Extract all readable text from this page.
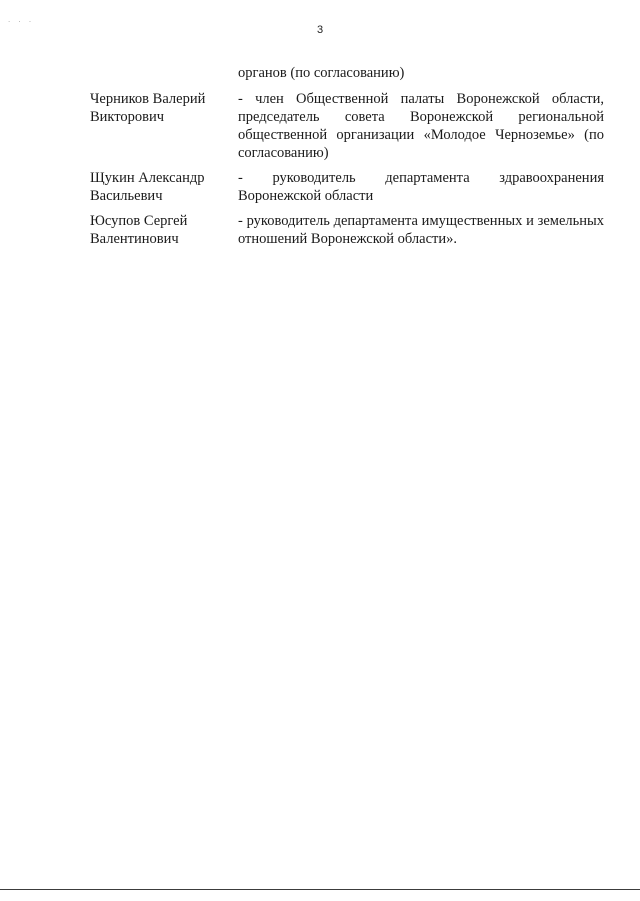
· · ·
3
органов (по согласованию)
Черников Валерий
Викторович
- член Общественной палаты Воронежской области, председатель совета Воронежской региональной общественной организации «Молодое Черноземье» (по согласованию)
Щукин Александр
Васильевич
- руководитель департамента здравоохранения Воронежской области
Юсупов Сергей
Валентинович
- руководитель департамента имущественных и земельных отношений Воронежской области».
